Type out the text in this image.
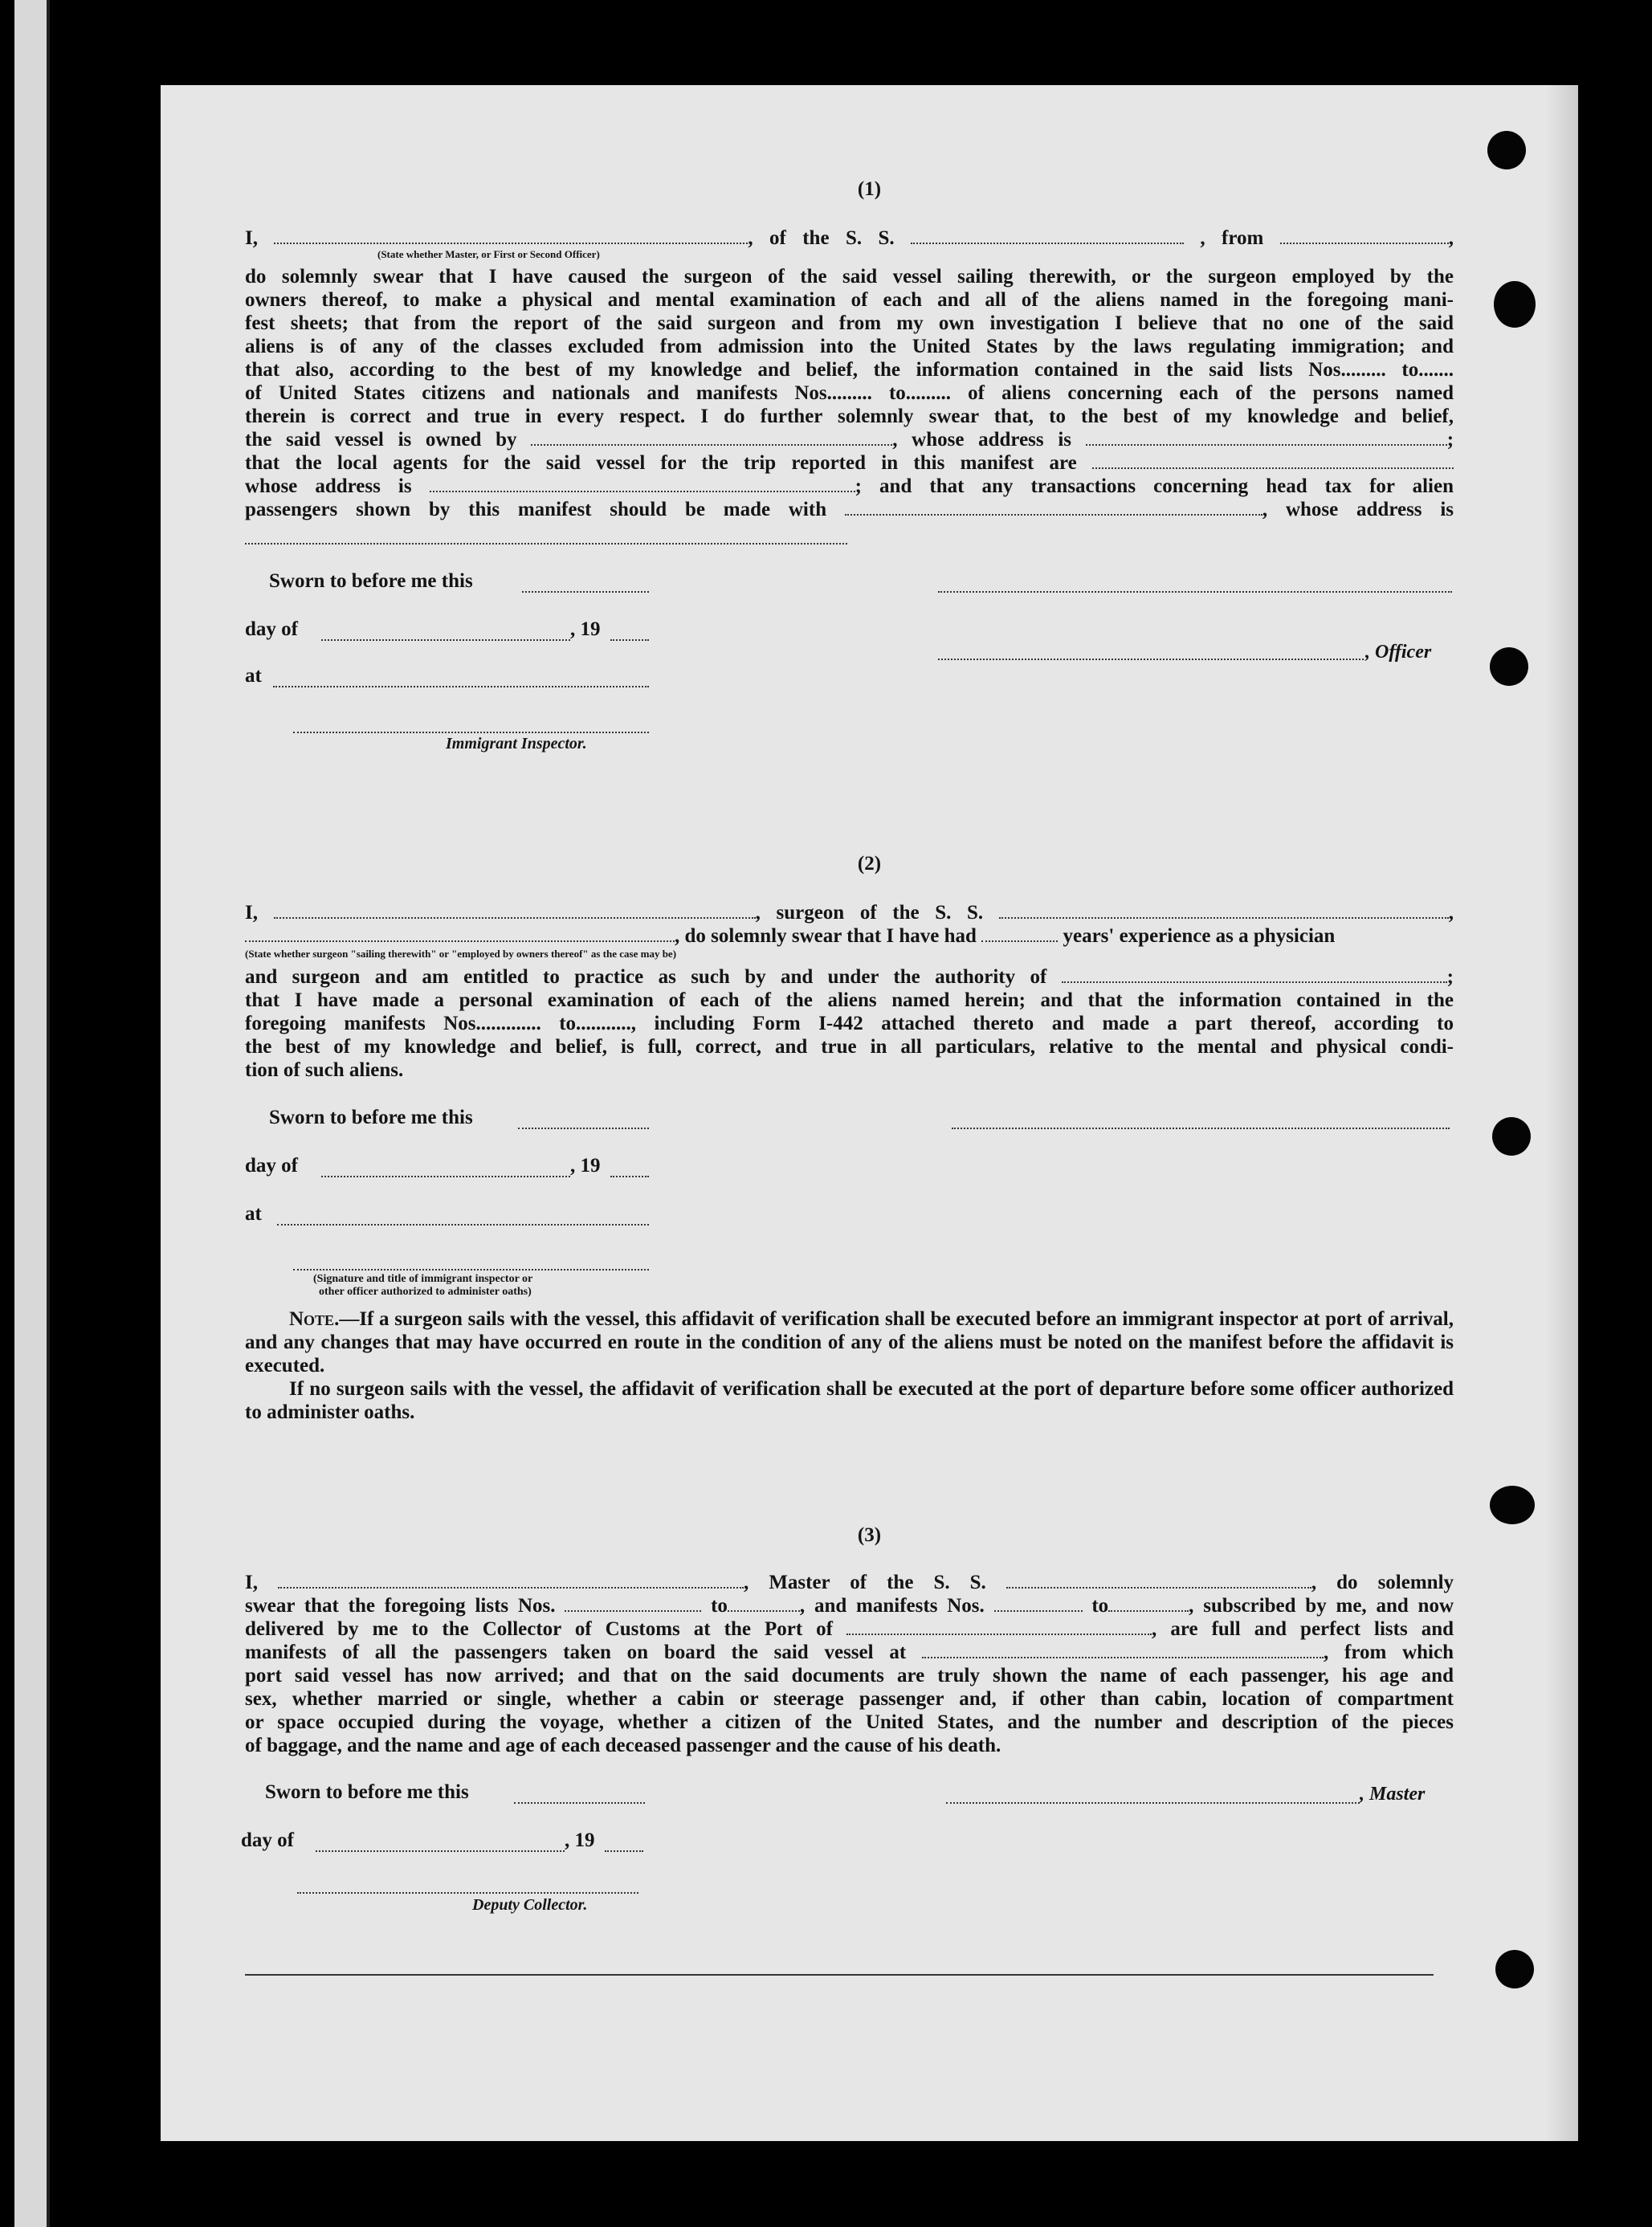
(1)
I,	, of the S. S.	, from	,
(State whether Master, or First or Second Officer)
do solemnly swear that I have caused the surgeon of the said vessel sailing therewith, or the surgeon employed by the
owners thereof, to make a physical and mental examination of each and all of the aliens named in the foregoing mani-
fest sheets; that from the report of the said surgeon and from my own investigation I believe that no one of the said
aliens is of any of the classes excluded from admission into the United States by the laws regulating immigration; and
that also, according to the best of my knowledge and belief, the information contained in the said lists Nos......... to.......
of United States citizens and nationals and manifests Nos......... to......... of aliens concerning each of the persons named
therein is correct and true in every respect. I do further solemnly swear that, to the best of my knowledge and belief,
the said vessel is owned by	, whose address is	;
that the local agents for the said vessel for the trip reported in this manifest are
whose address is	; and that any transactions concerning head tax for alien
passengers shown by this manifest should be made with	, whose address is
Sworn to before me this
day of	, 19
, Officer
at
Immigrant Inspector.
(2)
I,	, surgeon of the S. S.	,
, do solemnly swear that I have had	years' experience as a physician
(State whether surgeon "sailing therewith" or "employed by owners thereof" as the case may be)
and surgeon and am entitled to practice as such by and under the authority of	;
that I have made a personal examination of each of the aliens named herein; and that the information contained in the
foregoing manifests Nos............. to..........., including Form I-442 attached thereto and made a part thereof, according to
the best of my knowledge and belief, is full, correct, and true in all particulars, relative to the mental and physical condi-
tion of such aliens.
Sworn to before me this
day of	, 19
at
(Signature and title of immigrant inspector or
other officer authorized to administer oaths)

Note.—If a surgeon sails with the vessel, this affidavit of verification shall be executed before an immigrant inspector at port of arrival, and any changes that may have occurred en route in the condition of any of the aliens must be noted on the manifest before the affidavit is executed.

If no surgeon sails with the vessel, the affidavit of verification shall be executed at the port of departure before some officer authorized to administer oaths.

(3)
I,	, Master of the S. S.	, do solemnly
swear that the foregoing lists Nos.	to	, and manifests Nos.	to	, subscribed by me, and now
delivered by me to the Collector of Customs at the Port of	, are full and perfect lists and
manifests of all the passengers taken on board the said vessel at	, from which
port said vessel has now arrived; and that on the said documents are truly shown the name of each passenger, his age and
sex, whether married or single, whether a cabin or steerage passenger and, if other than cabin, location of compartment
or space occupied during the voyage, whether a citizen of the United States, and the number and description of the pieces
of baggage, and the name and age of each deceased passenger and the cause of his death.
Sworn to before me this	, Master
day of	, 19
Deputy Collector.
